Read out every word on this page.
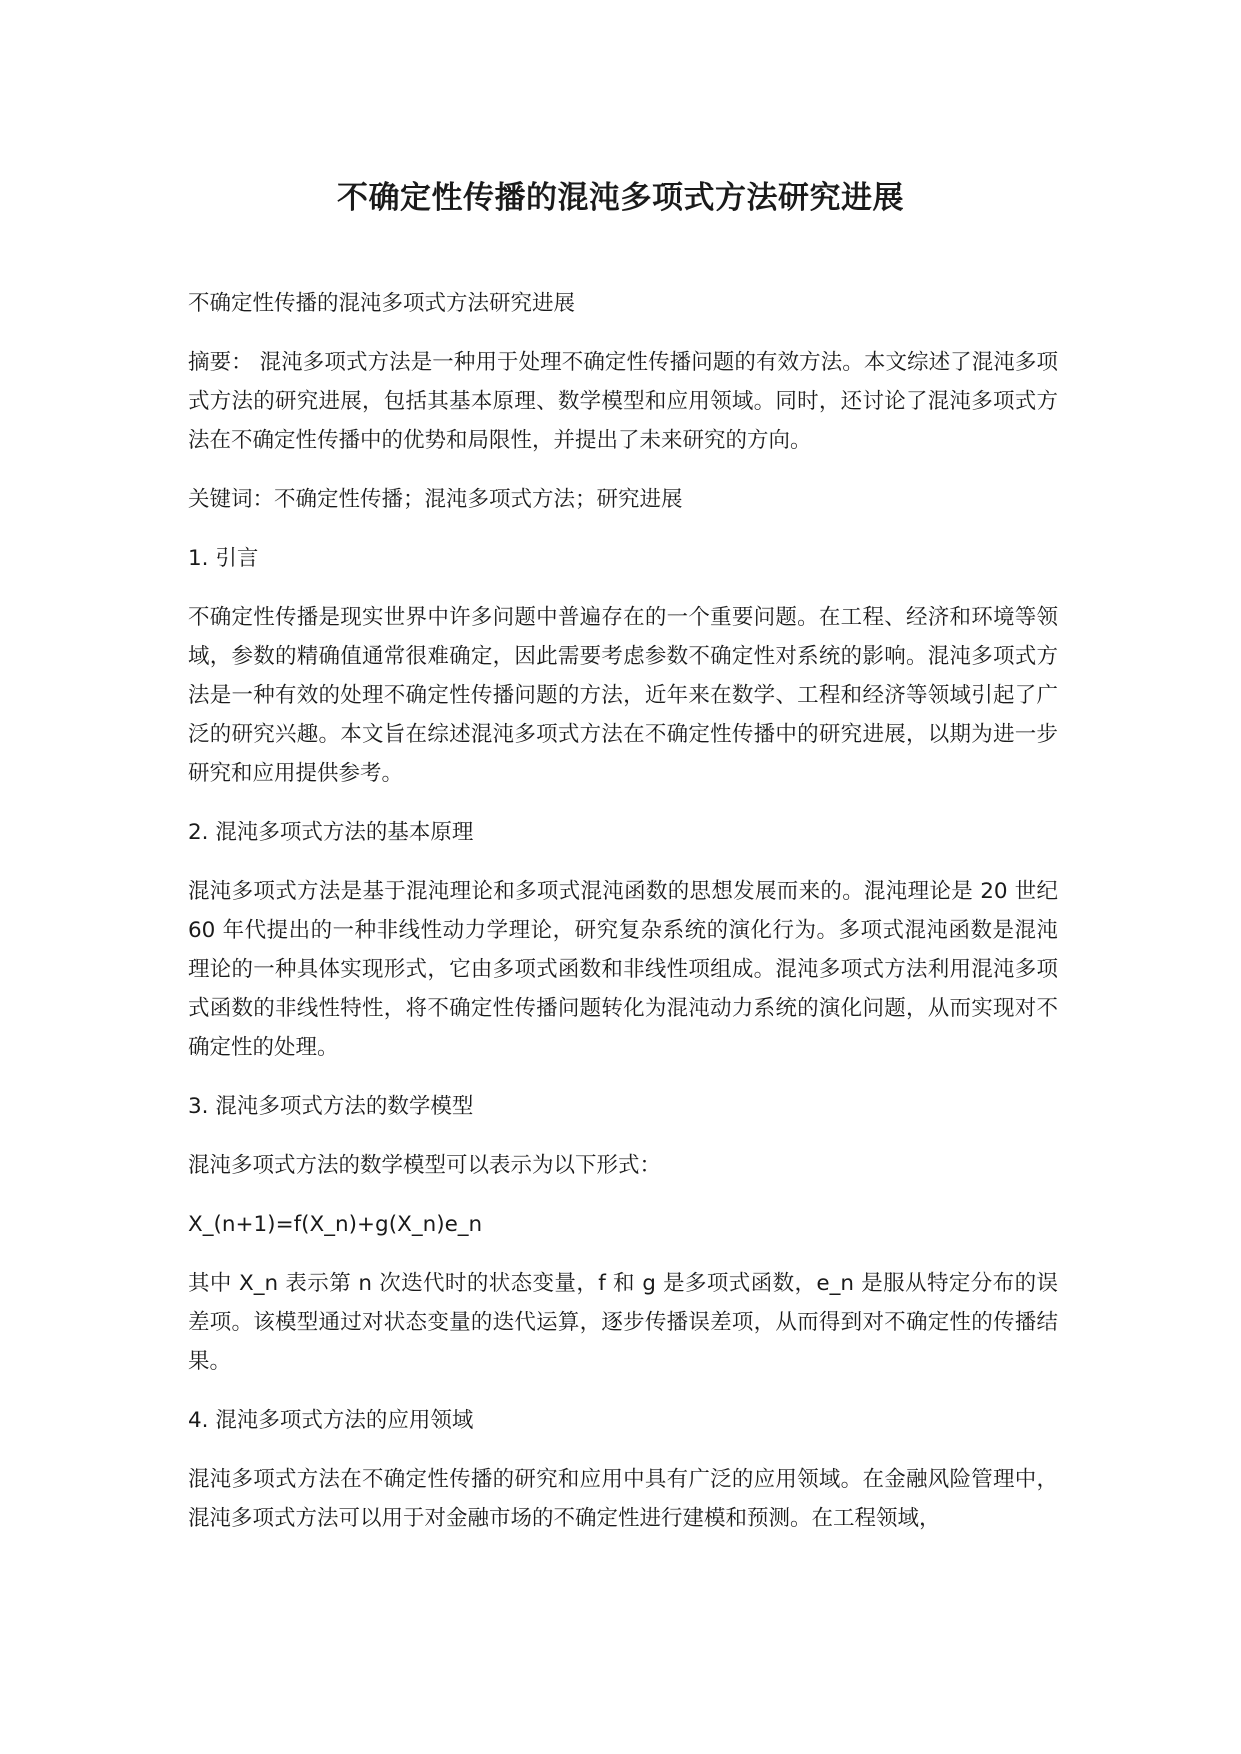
不确定性传播的混沌多项式方法研究进展

不确定性传播的混沌多项式方法研究进展

摘要： 混沌多项式方法是一种用于处理不确定性传播问题的有效方法。本文综述了混沌多项式方法的研究进展，包括其基本原理、数学模型和应用领域。同时，还讨论了混沌多项式方法在不确定性传播中的优势和局限性，并提出了未来研究的方向。

关键词：不确定性传播；混沌多项式方法；研究进展

1. 引言

不确定性传播是现实世界中许多问题中普遍存在的一个重要问题。在工程、经济和环境等领域，参数的精确值通常很难确定，因此需要考虑参数不确定性对系统的影响。混沌多项式方法是一种有效的处理不确定性传播问题的方法，近年来在数学、工程和经济等领域引起了广泛的研究兴趣。本文旨在综述混沌多项式方法在不确定性传播中的研究进展，以期为进一步研究和应用提供参考。

2. 混沌多项式方法的基本原理

混沌多项式方法是基于混沌理论和多项式混沌函数的思想发展而来的。混沌理论是 20 世纪 60 年代提出的一种非线性动力学理论，研究复杂系统的演化行为。多项式混沌函数是混沌理论的一种具体实现形式，它由多项式函数和非线性项组成。混沌多项式方法利用混沌多项式函数的非线性特性，将不确定性传播问题转化为混沌动力系统的演化问题，从而实现对不确定性的处理。

3. 混沌多项式方法的数学模型

混沌多项式方法的数学模型可以表示为以下形式：

X_(n+1)=f(X_n)+g(X_n)e_n

其中 X_n 表示第 n 次迭代时的状态变量，f 和 g 是多项式函数，e_n 是服从特定分布的误差项。该模型通过对状态变量的迭代运算，逐步传播误差项，从而得到对不确定性的传播结果。

4. 混沌多项式方法的应用领域

混沌多项式方法在不确定性传播的研究和应用中具有广泛的应用领域。在金融风险管理中，混沌多项式方法可以用于对金融市场的不确定性进行建模和预测。在工程领域，
